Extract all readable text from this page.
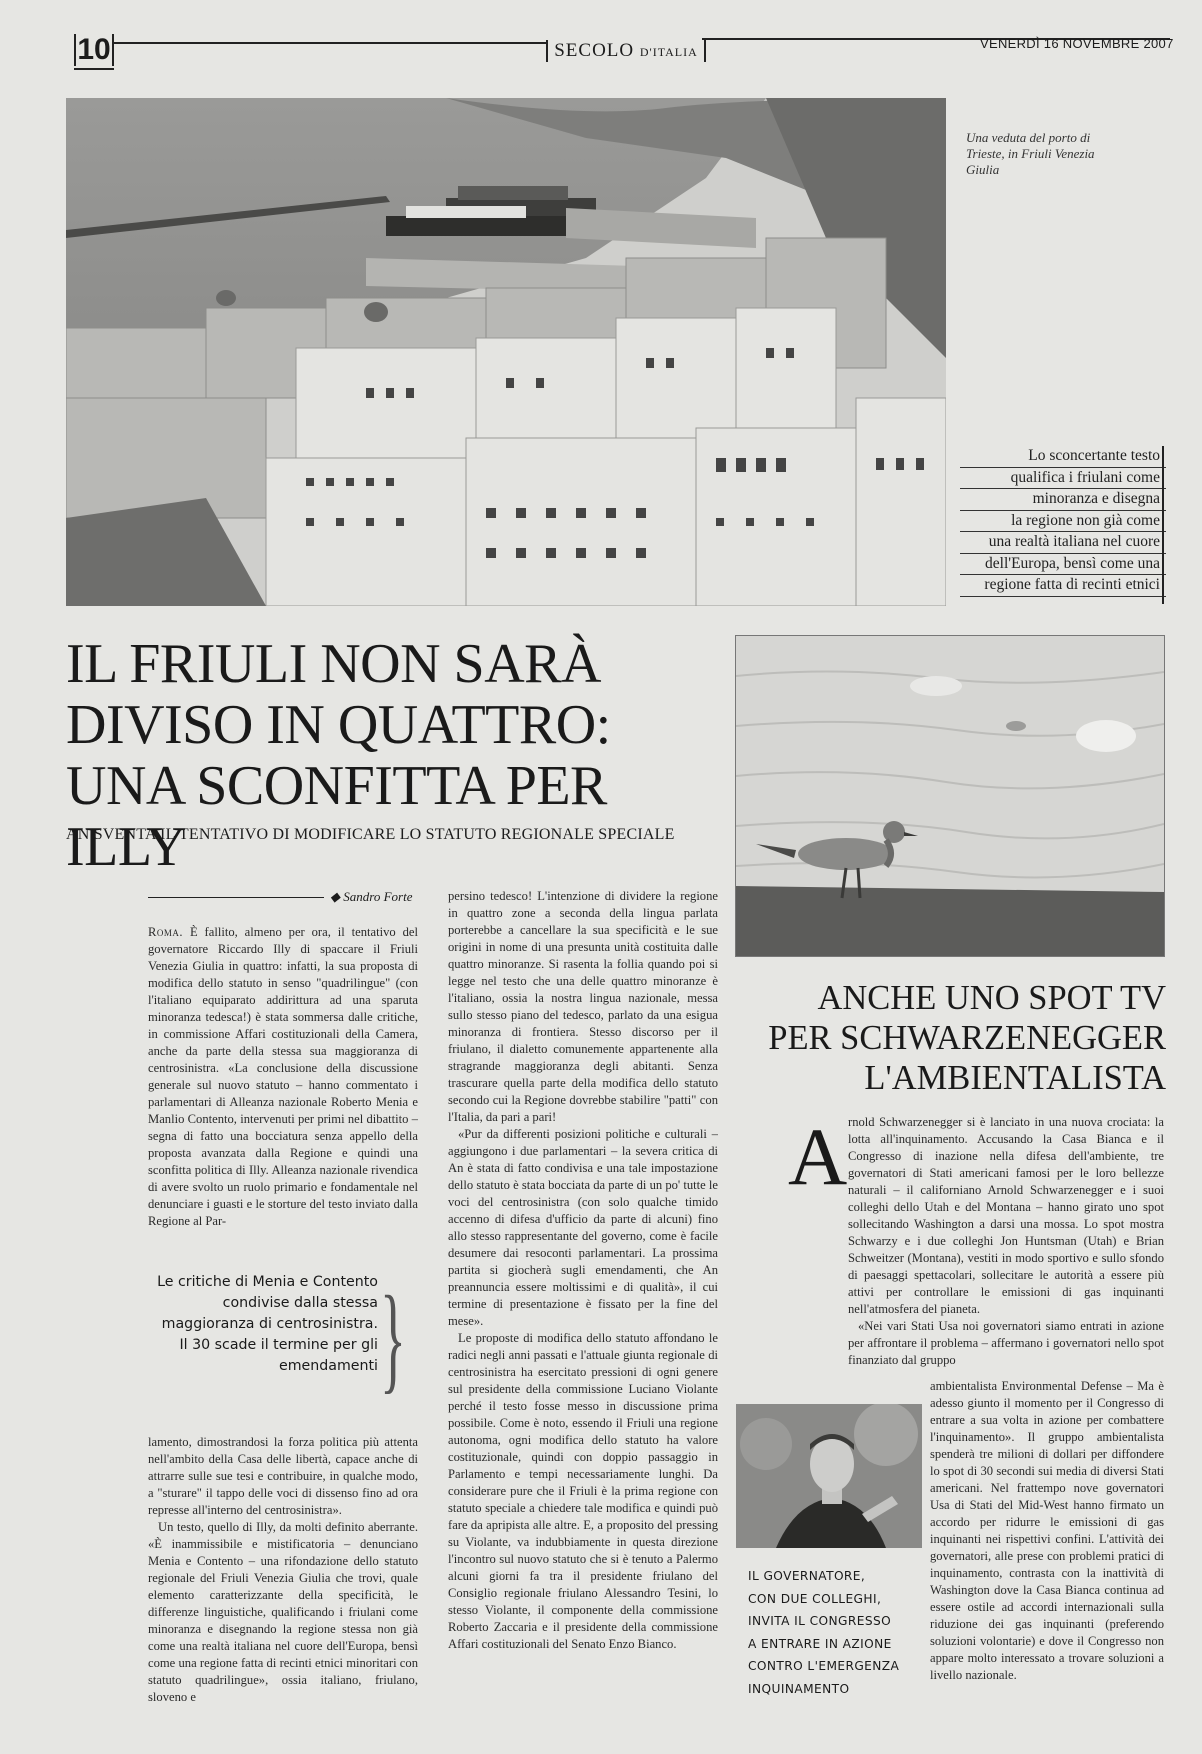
10	SECOLO D'ITALIA
VENERDÌ 16 NOVEMBRE 2007
Una veduta del porto di Trieste, in Friuli Venezia Giulia
Lo sconcertante testo
qualifica i friulani come
minoranza e disegna
la regione non già come
una realtà italiana nel cuore
dell'Europa, bensì come una
regione fatta di recinti etnici
IL FRIULI NON SARÀ
DIVISO IN QUATTRO:
UNA SCONFITTA PER ILLY
AN SVENTA IL TENTATIVO DI MODIFICARE LO STATUTO REGIONALE SPECIALE
◆ Sandro Forte

Roma. È fallito, almeno per ora, il tentativo del governatore Riccardo Illy di spaccare il Friuli Venezia Giulia in quattro: infatti, la sua proposta di modifica dello statuto in senso "quadrilingue" (con l'italiano equiparato addirittura ad una sparuta minoranza tedesca!) è stata sommersa dalle critiche, in commissione Affari costituzionali della Camera, anche da parte della stessa sua maggioranza di centrosinistra. «La conclusione della discussione generale sul nuovo statuto – hanno commentato i parlamentari di Alleanza nazionale Roberto Menia e Manlio Contento, intervenuti per primi nel dibattito – segna di fatto una bocciatura senza appello della proposta avanzata dalla Regione e quindi una sconfitta politica di Illy. Alleanza nazionale rivendica di avere svolto un ruolo primario e fondamentale nel denunciare i guasti e le storture del testo inviato dalla Regione al Par-

Le critiche di Menia e Contento condivise dalla stessa maggioranza di centrosinistra. Il 30 scade il termine per gli emendamenti }

lamento, dimostrandosi la forza politica più attenta nell'ambito della Casa delle libertà, capace anche di attrarre sulle sue tesi e contribuire, in qualche modo, a "sturare" il tappo delle voci di dissenso fino ad ora represse all'interno del centrosinistra».

Un testo, quello di Illy, da molti definito aberrante. «È inammissibile e mistificatoria – denunciano Menia e Contento – una rifondazione dello statuto regionale del Friuli Venezia Giulia che trovi, quale elemento caratterizzante della specificità, le differenze linguistiche, qualificando i friulani come minoranza e disegnando la regione stessa non già come una realtà italiana nel cuore dell'Europa, bensì come una regione fatta di recinti etnici minoritari con statuto quadrilingue», ossia italiano, friulano, sloveno e

persino tedesco! L'intenzione di dividere la regione in quattro zone a seconda della lingua parlata porterebbe a cancellare la sua specificità e le sue origini in nome di una presunta unità costituita dalle quattro minoranze. Si rasenta la follia quando poi si legge nel testo che una delle quattro minoranze è l'italiano, ossia la nostra lingua nazionale, messa sullo stesso piano del tedesco, parlato da una esigua minoranza di frontiera. Stesso discorso per il friulano, il dialetto comunemente appartenente alla stragrande maggioranza degli abitanti. Senza trascurare quella parte della modifica dello statuto secondo cui la Regione dovrebbe stabilire "patti" con l'Italia, da pari a pari!

«Pur da differenti posizioni politiche e culturali – aggiungono i due parlamentari – la severa critica di An è stata di fatto condivisa e una tale impostazione dello statuto è stata bocciata da parte di un po' tutte le voci del centrosinistra (con solo qualche timido accenno di difesa d'ufficio da parte di alcuni) fino allo stesso rappresentante del governo, come è facile desumere dai resoconti parlamentari. La prossima partita si giocherà sugli emendamenti, che An preannuncia essere moltissimi e di qualità», il cui termine di presentazione è fissato per la fine del mese».

Le proposte di modifica dello statuto affondano le radici negli anni passati e l'attuale giunta regionale di centrosinistra ha esercitato pressioni di ogni genere sul presidente della commissione Luciano Violante perché il testo fosse messo in discussione prima possibile. Come è noto, essendo il Friuli una regione autonoma, ogni modifica dello statuto ha valore costituzionale, quindi con doppio passaggio in Parlamento e tempi necessariamente lunghi. Da considerare pure che il Friuli è la prima regione con statuto speciale a chiedere tale modifica e quindi può fare da apripista alle altre. E, a proposito del pressing su Violante, va indubbiamente in questa direzione l'incontro sul nuovo statuto che si è tenuto a Palermo alcuni giorni fa tra il presidente friulano del Consiglio regionale friulano Alessandro Tesini, lo stesso Violante, il componente della commissione Roberto Zaccaria e il presidente della commissione Affari costituzionali del Senato Enzo Bianco.

ANCHE UNO SPOT TV
PER SCHWARZENEGGER
L'AMBIENTALISTA
A rnold Schwarzenegger si è lanciato in una nuova crociata: la lotta all'inquinamento. Accusando la Casa Bianca e il Congresso di inazione nella difesa dell'ambiente, tre governatori di Stati americani famosi per le loro bellezze naturali – il californiano Arnold Schwarzenegger e i suoi colleghi dello Utah e del Montana – hanno girato uno spot sollecitando Washington a darsi una mossa. Lo spot mostra Schwarzy e i due colleghi Jon Huntsman (Utah) e Brian Schweitzer (Montana), vestiti in modo sportivo e sullo sfondo di paesaggi spettacolari, sollecitare le autorità a essere più attivi per controllare le emissioni di gas inquinanti nell'atmosfera del pianeta.

«Nei vari Stati Usa noi governatori siamo entrati in azione per affrontare il problema – affermano i governatori nello spot finanziato dal gruppo

IL GOVERNATORE,
CON DUE COLLEGHI,
INVITA IL CONGRESSO
A ENTRARE IN AZIONE
CONTRO L'EMERGENZA
INQUINAMENTO

ambientalista Environmental Defense – Ma è adesso giunto il momento per il Congresso di entrare a sua volta in azione per combattere l'inquinamento». Il gruppo ambientalista spenderà tre milioni di dollari per diffondere lo spot di 30 secondi sui media di diversi Stati americani. Nel frattempo nove governatori Usa di Stati del Mid-West hanno firmato un accordo per ridurre le emissioni di gas inquinanti nei rispettivi confini. L'attività dei governatori, alle prese con problemi pratici di inquinamento, contrasta con la inattività di Washington dove la Casa Bianca continua ad essere ostile ad accordi internazionali sulla riduzione dei gas inquinanti (preferendo soluzioni volontarie) e dove il Congresso non appare molto interessato a trovare soluzioni a livello nazionale.
